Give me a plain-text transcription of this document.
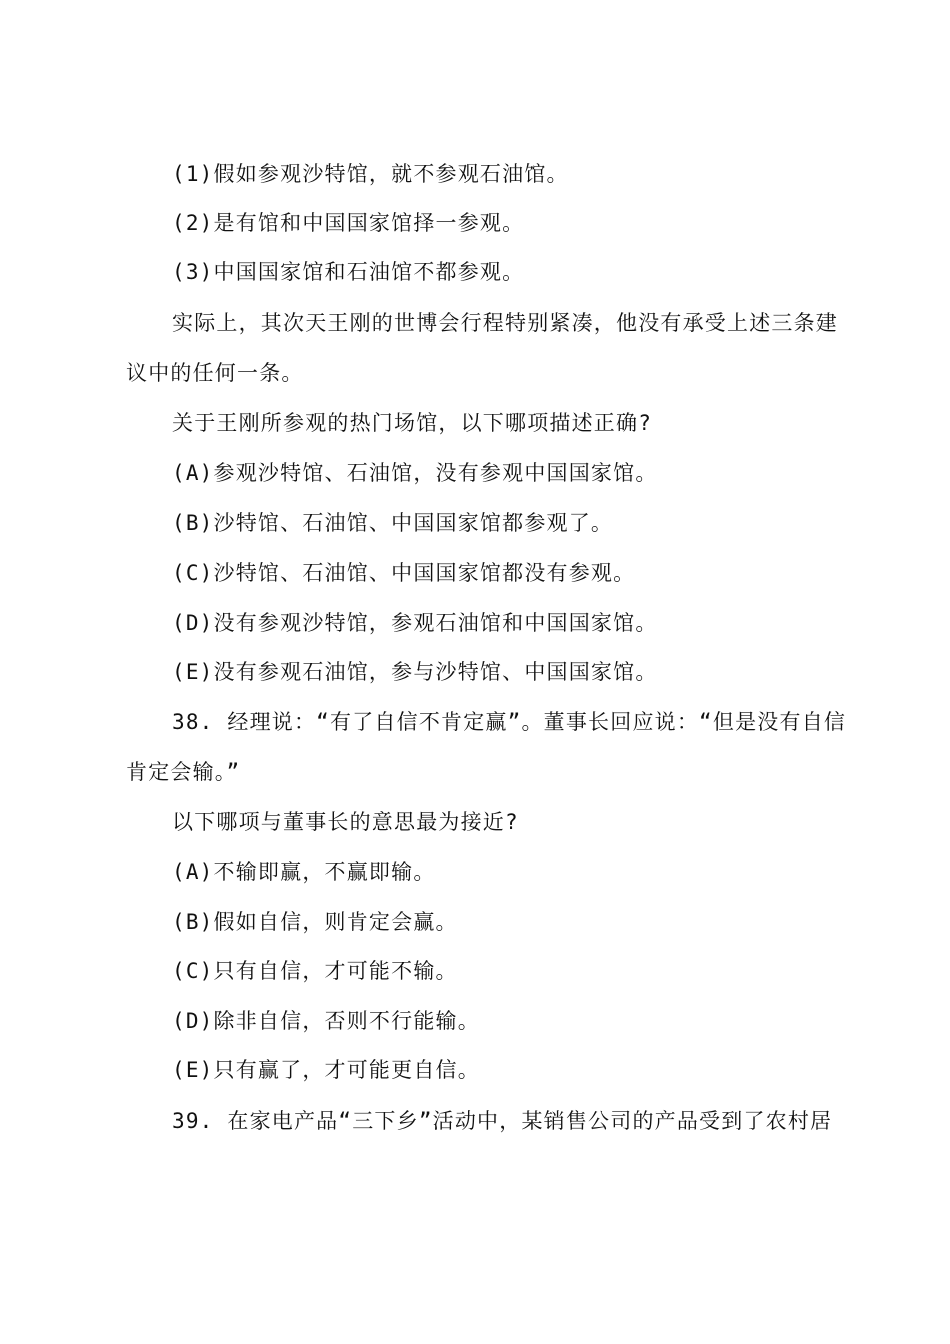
(1)假如参观沙特馆，就不参观石油馆。
(2)是有馆和中国国家馆择一参观。
(3)中国国家馆和石油馆不都参观。
实际上，其次天王刚的世博会行程特别紧凑，他没有承受上述三条建
议中的任何一条。
关于王刚所参观的热门场馆，以下哪项描述正确?
(A)参观沙特馆、石油馆，没有参观中国国家馆。
(B)沙特馆、石油馆、中国国家馆都参观了。
(C)沙特馆、石油馆、中国国家馆都没有参观。
(D)没有参观沙特馆，参观石油馆和中国国家馆。
(E)没有参观石油馆，参与沙特馆、中国国家馆。
38. 经理说：“有了自信不肯定赢”。董事长回应说：“但是没有自信
肯定会输。”
以下哪项与董事长的意思最为接近?
(A)不输即赢，不赢即输。
(B)假如自信，则肯定会赢。
(C)只有自信，才可能不输。
(D)除非自信，否则不行能输。
(E)只有赢了，才可能更自信。
39. 在家电产品“三下乡”活动中，某销售公司的产品受到了农村居
